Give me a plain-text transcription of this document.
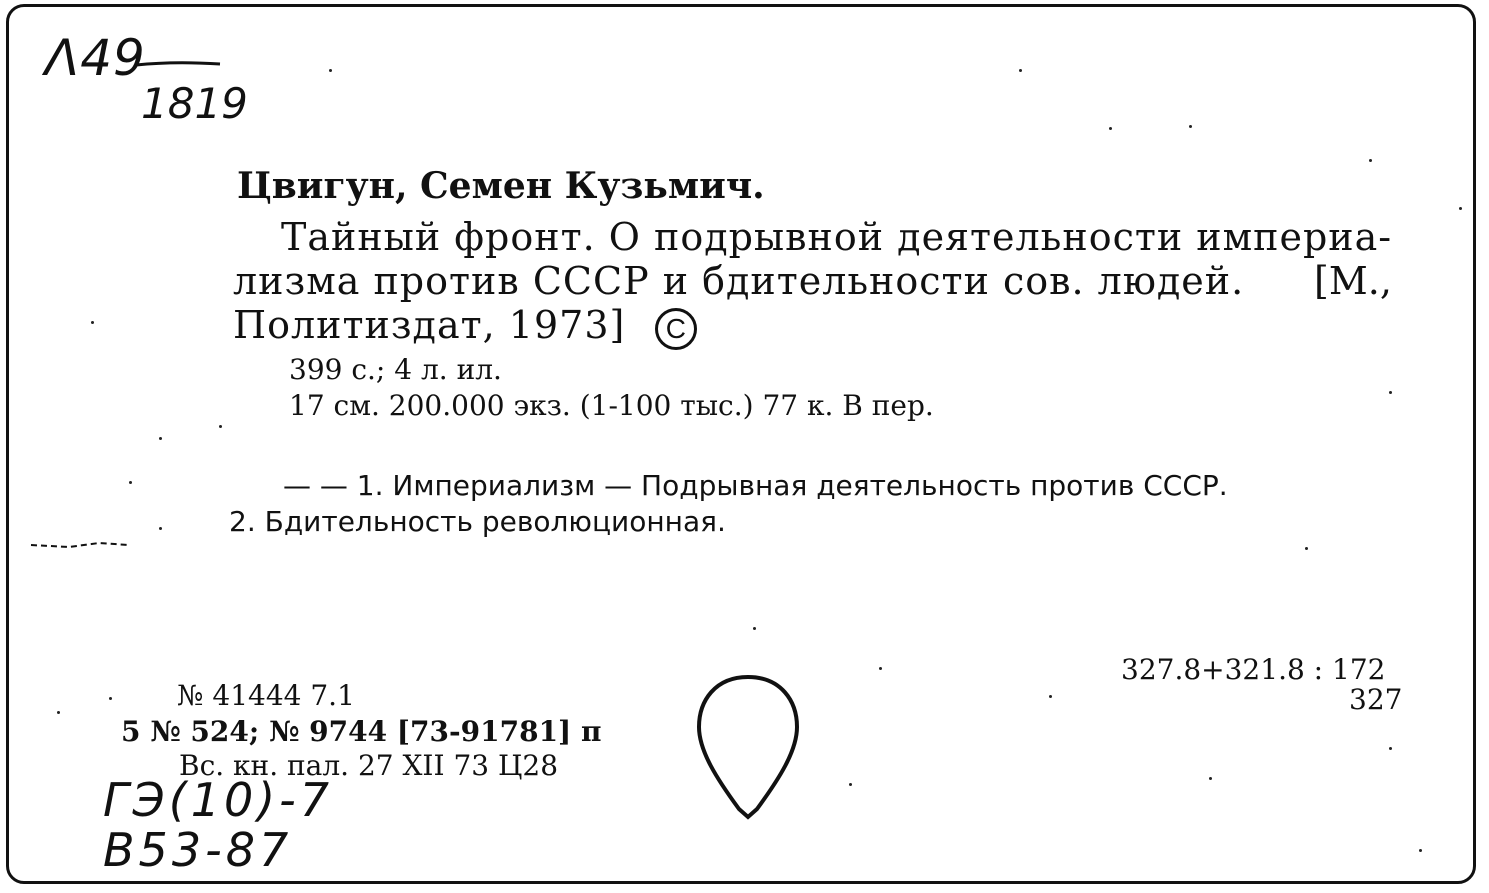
Λ49
1819
Цвигун, Семен Кузьмич.
Тайный фронт. О подрывной деятельности империа-
лизма против СССР и бдительности сов. людей. [М.,
Политиздат, 1973] C
399 с.; 4 л. ил.
17 см. 200.000 экз. (1-100 тыс.) 77 к. В пер.
— — 1. Империализм — Подрывная деятельность против СССР.
2. Бдительность революционная.
327.8+321.8 : 172
327
№ 41444 7.1
5 № 524; № 9744 [73-91781] п
Вс. кн. пал. 27 XII 73 Ц28
ГЭ(10)-7
B53-87
